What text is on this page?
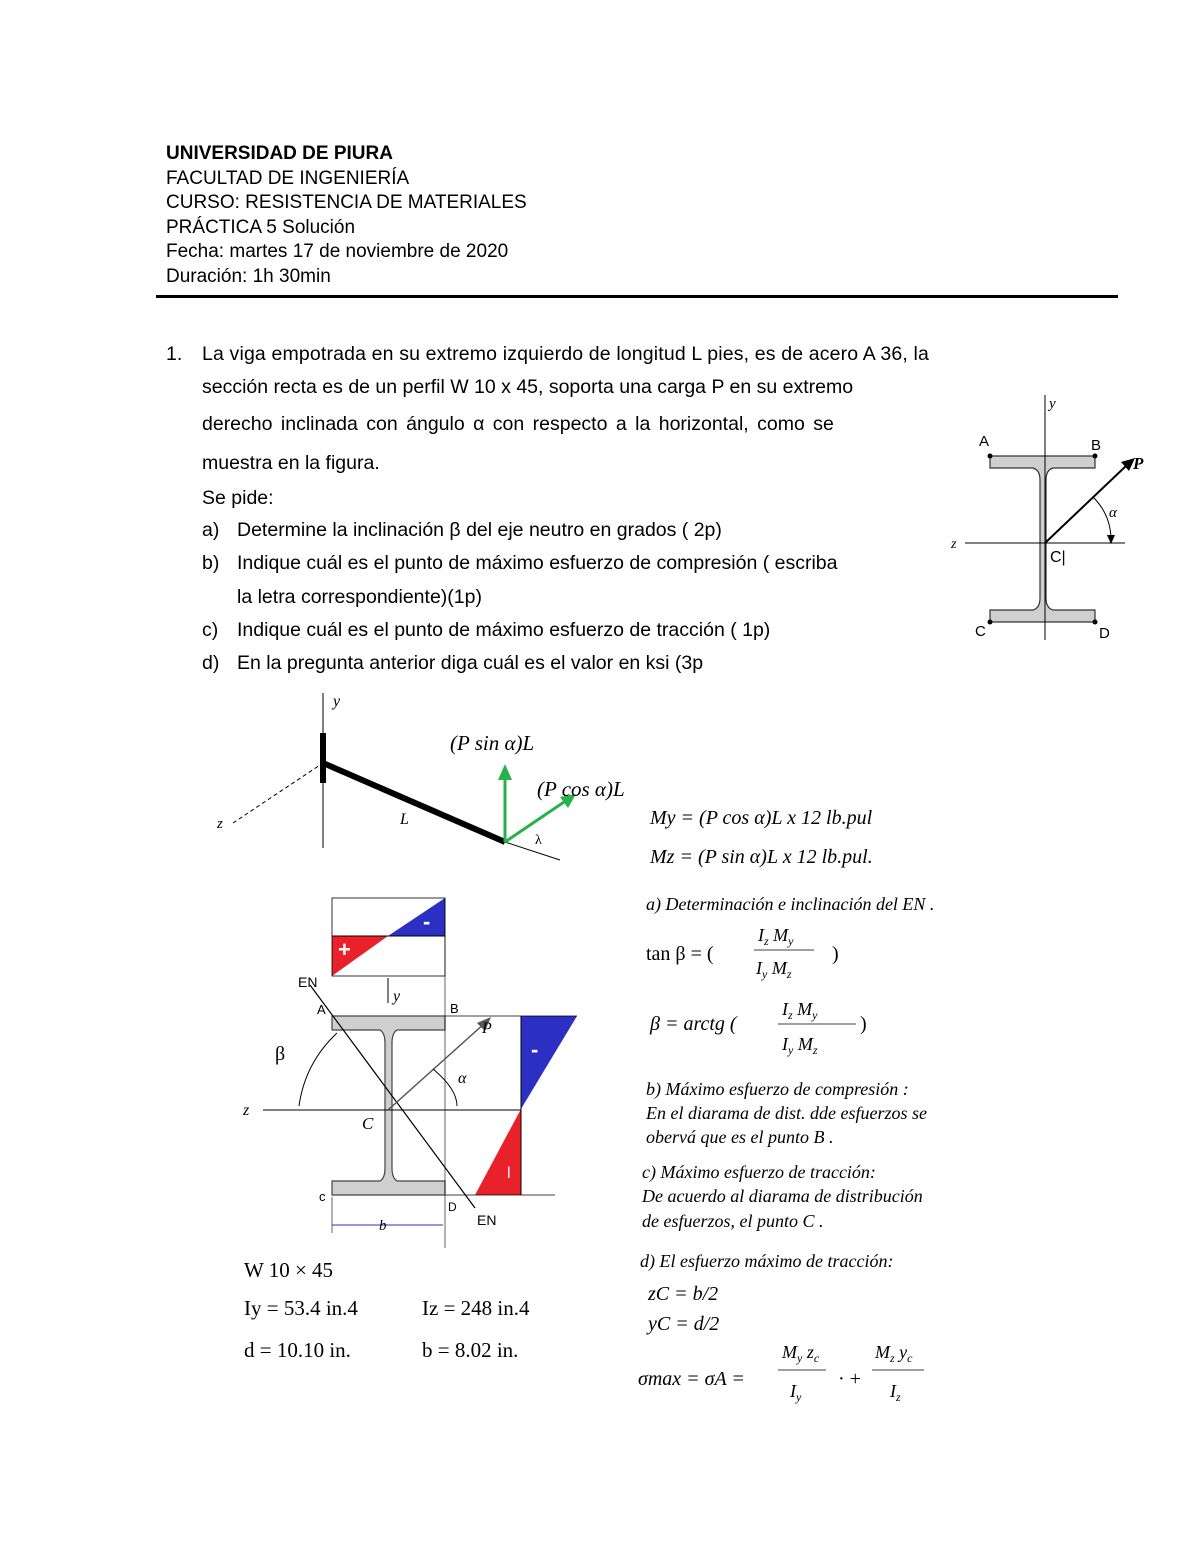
UNIVERSIDAD DE PIURA
FACULTAD DE INGENIERÍA
CURSO: RESISTENCIA DE MATERIALES
PRÁCTICA 5 Solución
Fecha: martes 17 de noviembre de 2020
Duración: 1h 30min
1. La viga empotrada en su extremo izquierdo de longitud L pies, es de acero A 36, la
sección recta es de un perfil W 10 x 45, soporta una carga P en su extremo
derecho inclinada con ángulo α con respecto a la horizontal, como se
muestra en la figura.
Se pide:
a) Determine la inclinación β del eje neutro en grados ( 2p)
b) Indique cuál es el punto de máximo esfuerzo de compresión ( escriba
la letra correspondiente)(1p)
c) Indique cuál es el punto de máximo esfuerzo de tracción ( 1p)
d) En la pregunta anterior diga cuál es el valor en ksi (3p
y
z
A	B
C	D
P
α
C|
y
z	L
λ
(P sin α)L
(P cos α)L
+
-
-
l
b
EN
EN
β
y
z
A	B
C
c
D
P
α
W 10 × 45
Iy = 53.4 in.4	Iz = 248 in.4
d = 10.10 in.	b = 8.02 in.
My = (P cos α)L x 12 lb.pul
Mz = (P sin α)L x 12 lb.pul.
a) Determinación e inclinación del EN .
tan β = (
$I_z$ $M_y$
$I_y$ $M_z$
)
β = arctg (
$I_z$ $M_y$
$I_y$ $M_z$
)
b) Máximo esfuerzo de compresión :
En el diarama de dist. dde esfuerzos se
obervá que es el punto B .
c) Máximo esfuerzo de tracción:
De acuerdo al diarama de distribución
de esfuerzos, el punto C .
d) El esfuerzo máximo de tracción:
zC = b/2
yC = d/2
σmax = σA =
$M_y$ $z_c$
$I_y$
· +
$M_z$ $y_c$
$I_z$
